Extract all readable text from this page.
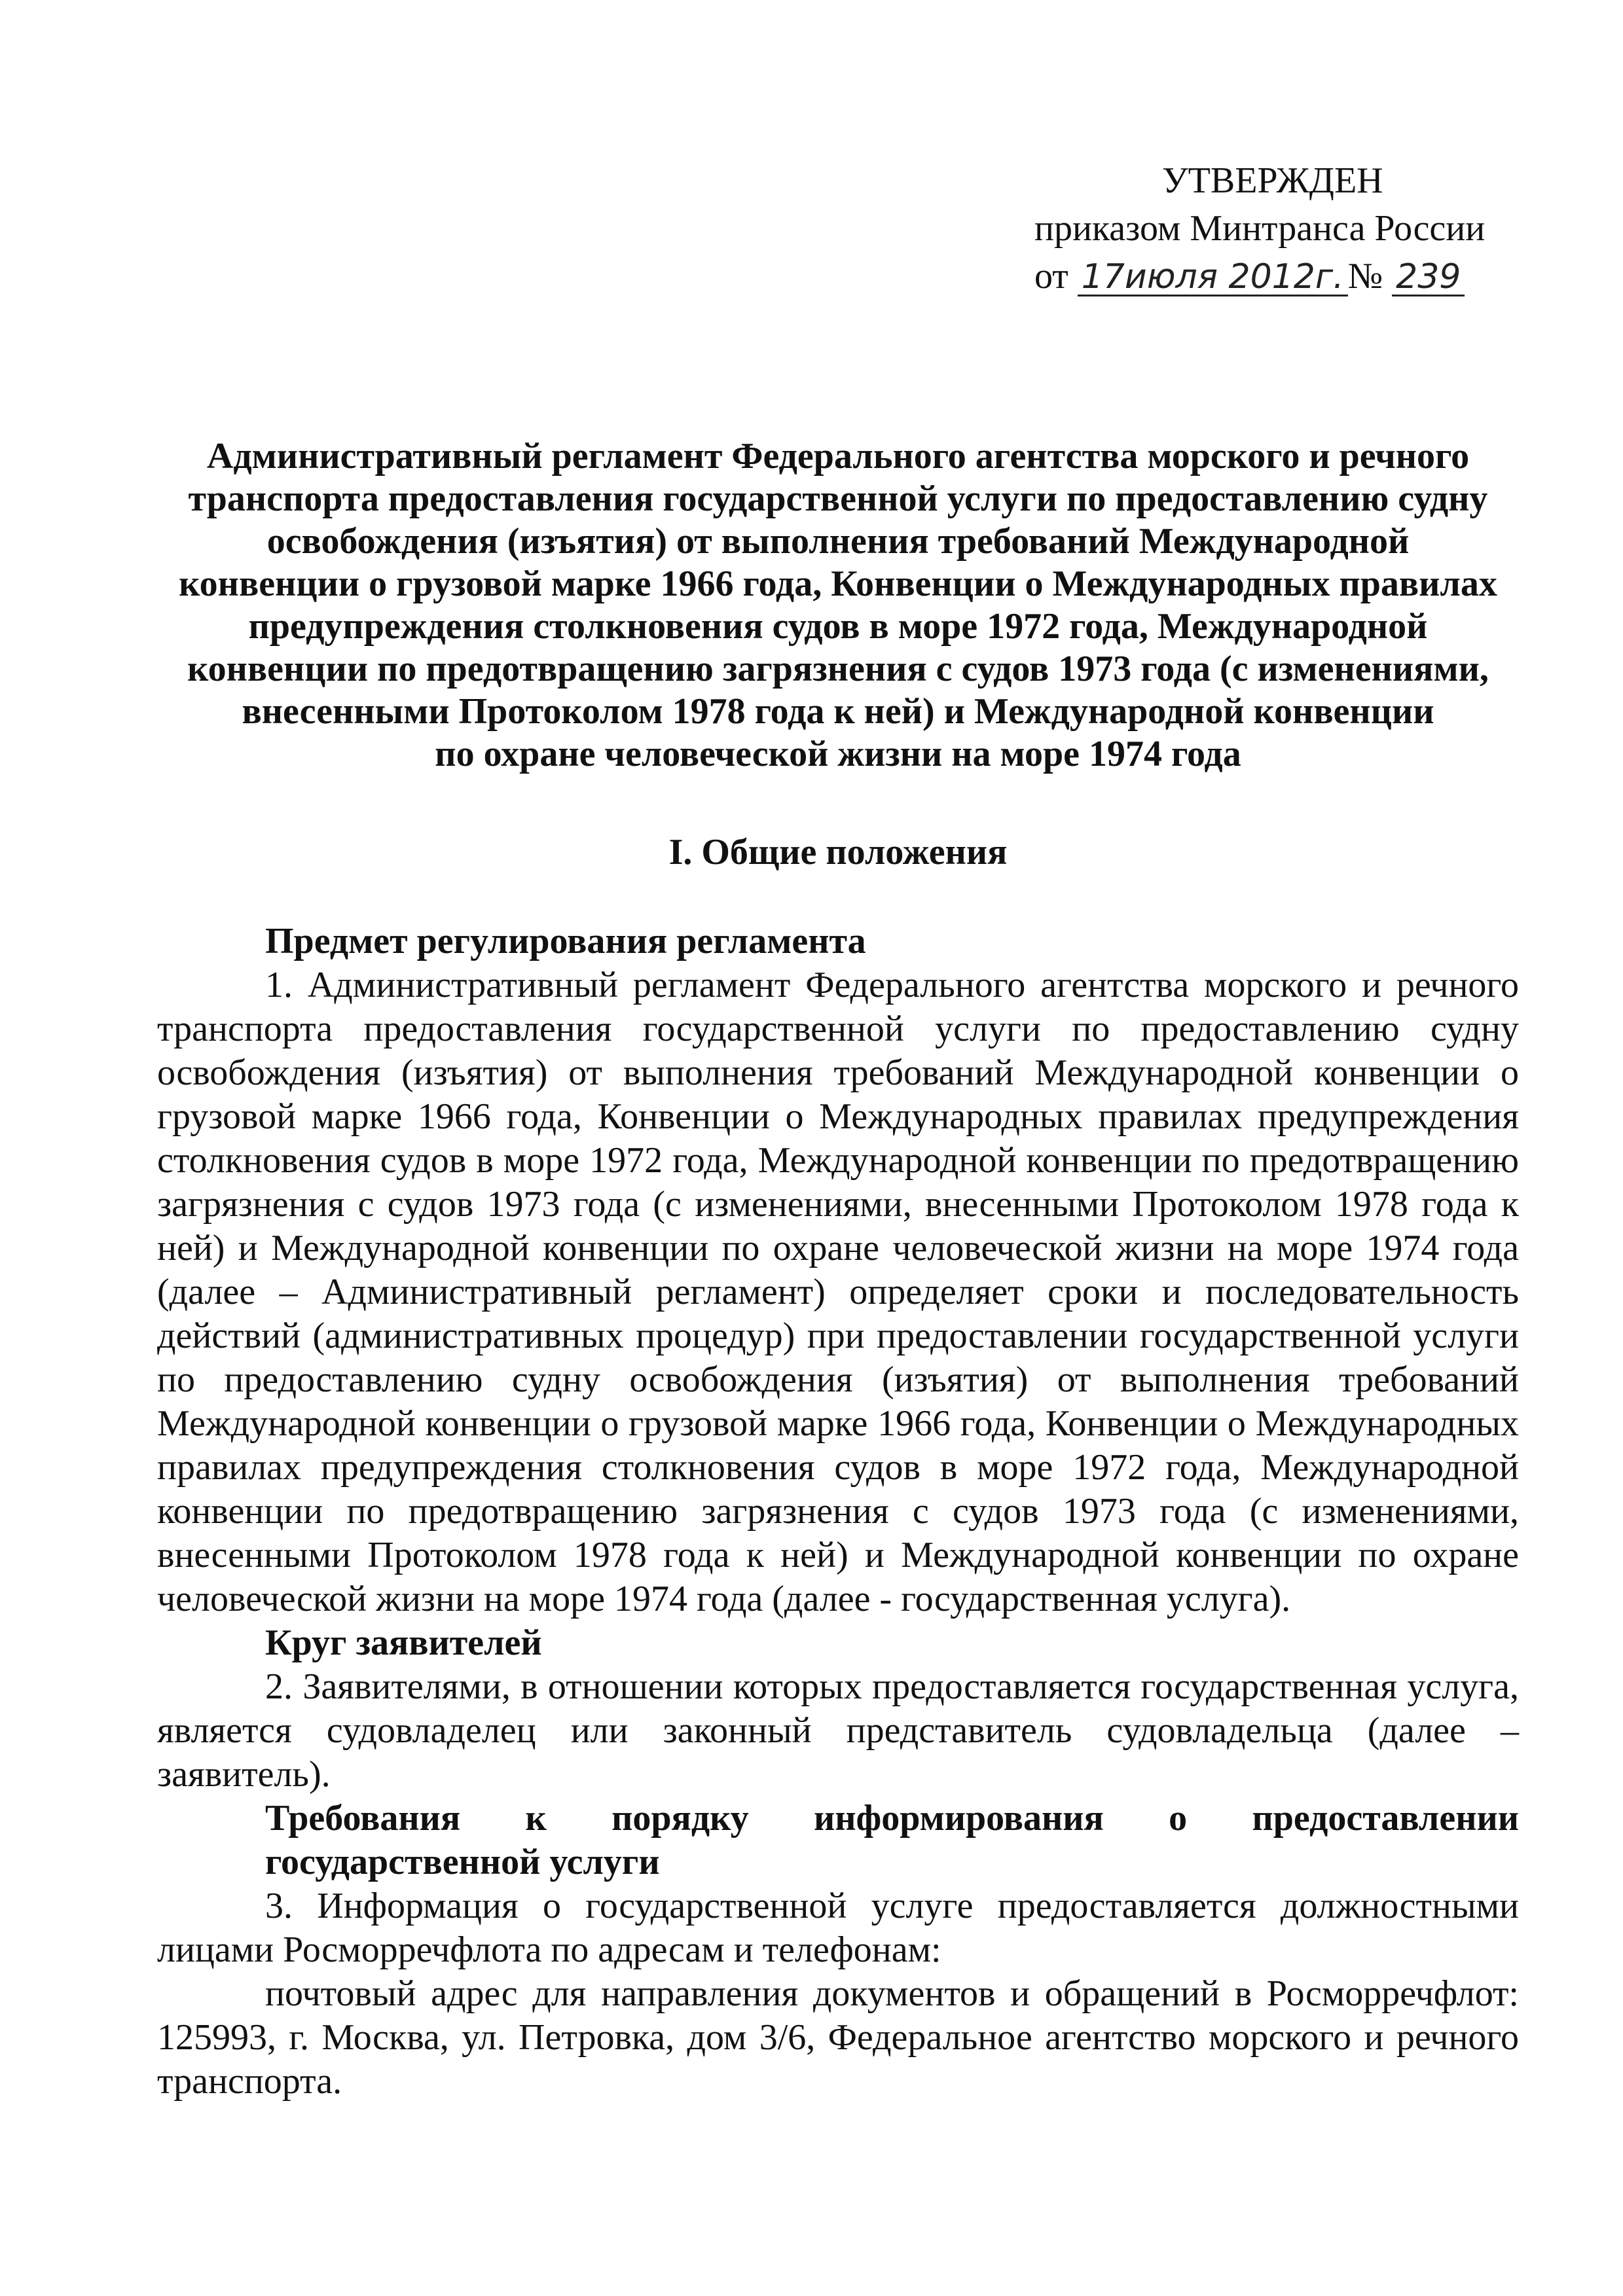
УТВЕРЖДЕН
приказом Минтранса России
от 17июля 2012г. № 239
Административный регламент Федерального агентства морского и речного
транспорта предоставления государственной услуги по предоставлению судну
освобождения (изъятия) от выполнения требований Международной
конвенции о грузовой марке 1966 года, Конвенции о Международных правилах
предупреждения столкновения судов в море 1972 года, Международной
конвенции по предотвращению загрязнения с судов 1973 года (с изменениями,
внесенными Протоколом 1978 года к ней) и Международной конвенции
по охране человеческой жизни на море 1974 года
I. Общие положения

Предмет регулирования регламента

1. Административный регламент Федерального агентства морского и речного транспорта предоставления государственной услуги по предоставлению судну освобождения (изъятия) от выполнения требований Международной конвенции о грузовой марке 1966 года, Конвенции о Международных правилах предупреждения столкновения судов в море 1972 года, Международной конвенции по предотвращению загрязнения с судов 1973 года (с изменениями, внесенными Протоколом 1978 года к ней) и Международной конвенции по охране человеческой жизни на море 1974 года (далее – Административный регламент) определяет сроки и последовательность действий (административных процедур) при предоставлении государственной услуги по предоставлению судну освобождения (изъятия) от выполнения требований Международной конвенции о грузовой марке 1966 года, Конвенции о Международных правилах предупреждения столкновения судов в море 1972 года, Международной конвенции по предотвращению загрязнения с судов 1973 года (с изменениями, внесенными Протоколом 1978 года к ней) и Международной конвенции по охране человеческой жизни на море 1974 года (далее - государственная услуга).

Круг заявителей

2. Заявителями, в отношении которых предоставляется государственная услуга, является судовладелец или законный представитель судовладельца (далее – заявитель).

Требования к порядку информирования о предоставлении государственной услуги

3. Информация о государственной услуге предоставляется должностными лицами Росморречфлота по адресам и телефонам:

почтовый адрес для направления документов и обращений в Росморречфлот: 125993, г. Москва, ул. Петровка, дом 3/6, Федеральное агентство морского и речного транспорта.
